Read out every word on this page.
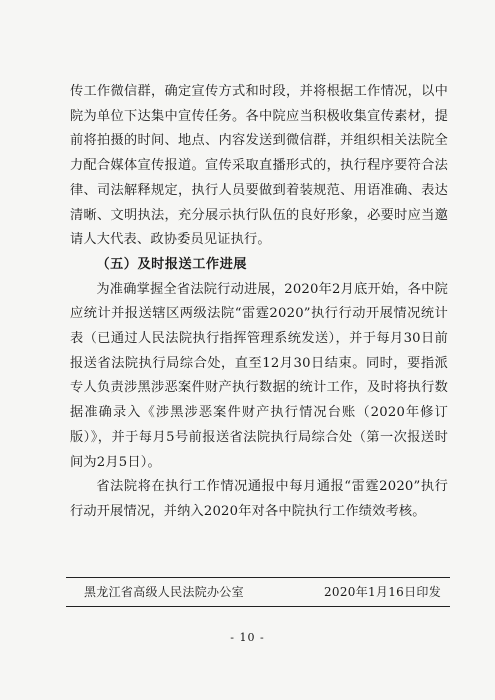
传工作微信群，确定宣传方式和时段，并将根据工作情况，以中院为单位下达集中宣传任务。各中院应当积极收集宣传素材，提前将拍摄的时间、地点、内容发送到微信群，并组织相关法院全力配合媒体宣传报道。宣传采取直播形式的，执行程序要符合法律、司法解释规定，执行人员要做到着装规范、用语准确、表达清晰、文明执法，充分展示执行队伍的良好形象，必要时应当邀请人大代表、政协委员见证执行。

（五）及时报送工作进展

为准确掌握全省法院行动进展，2020年2月底开始，各中院应统计并报送辖区两级法院“雷霆2020”执行行动开展情况统计表（已通过人民法院执行指挥管理系统发送），并于每月30日前报送省法院执行局综合处，直至12月30日结束。同时，要指派专人负责涉黑涉恶案件财产执行数据的统计工作，及时将执行数据准确录入《涉黑涉恶案件财产执行情况台账（2020年修订版）》，并于每月5号前报送省法院执行局综合处（第一次报送时间为2月5日）。

省法院将在执行工作情况通报中每月通报“雷霆2020”执行行动开展情况，并纳入2020年对各中院执行工作绩效考核。

黑龙江省高级人民法院办公室	2020年1月16日印发
- 10 -
